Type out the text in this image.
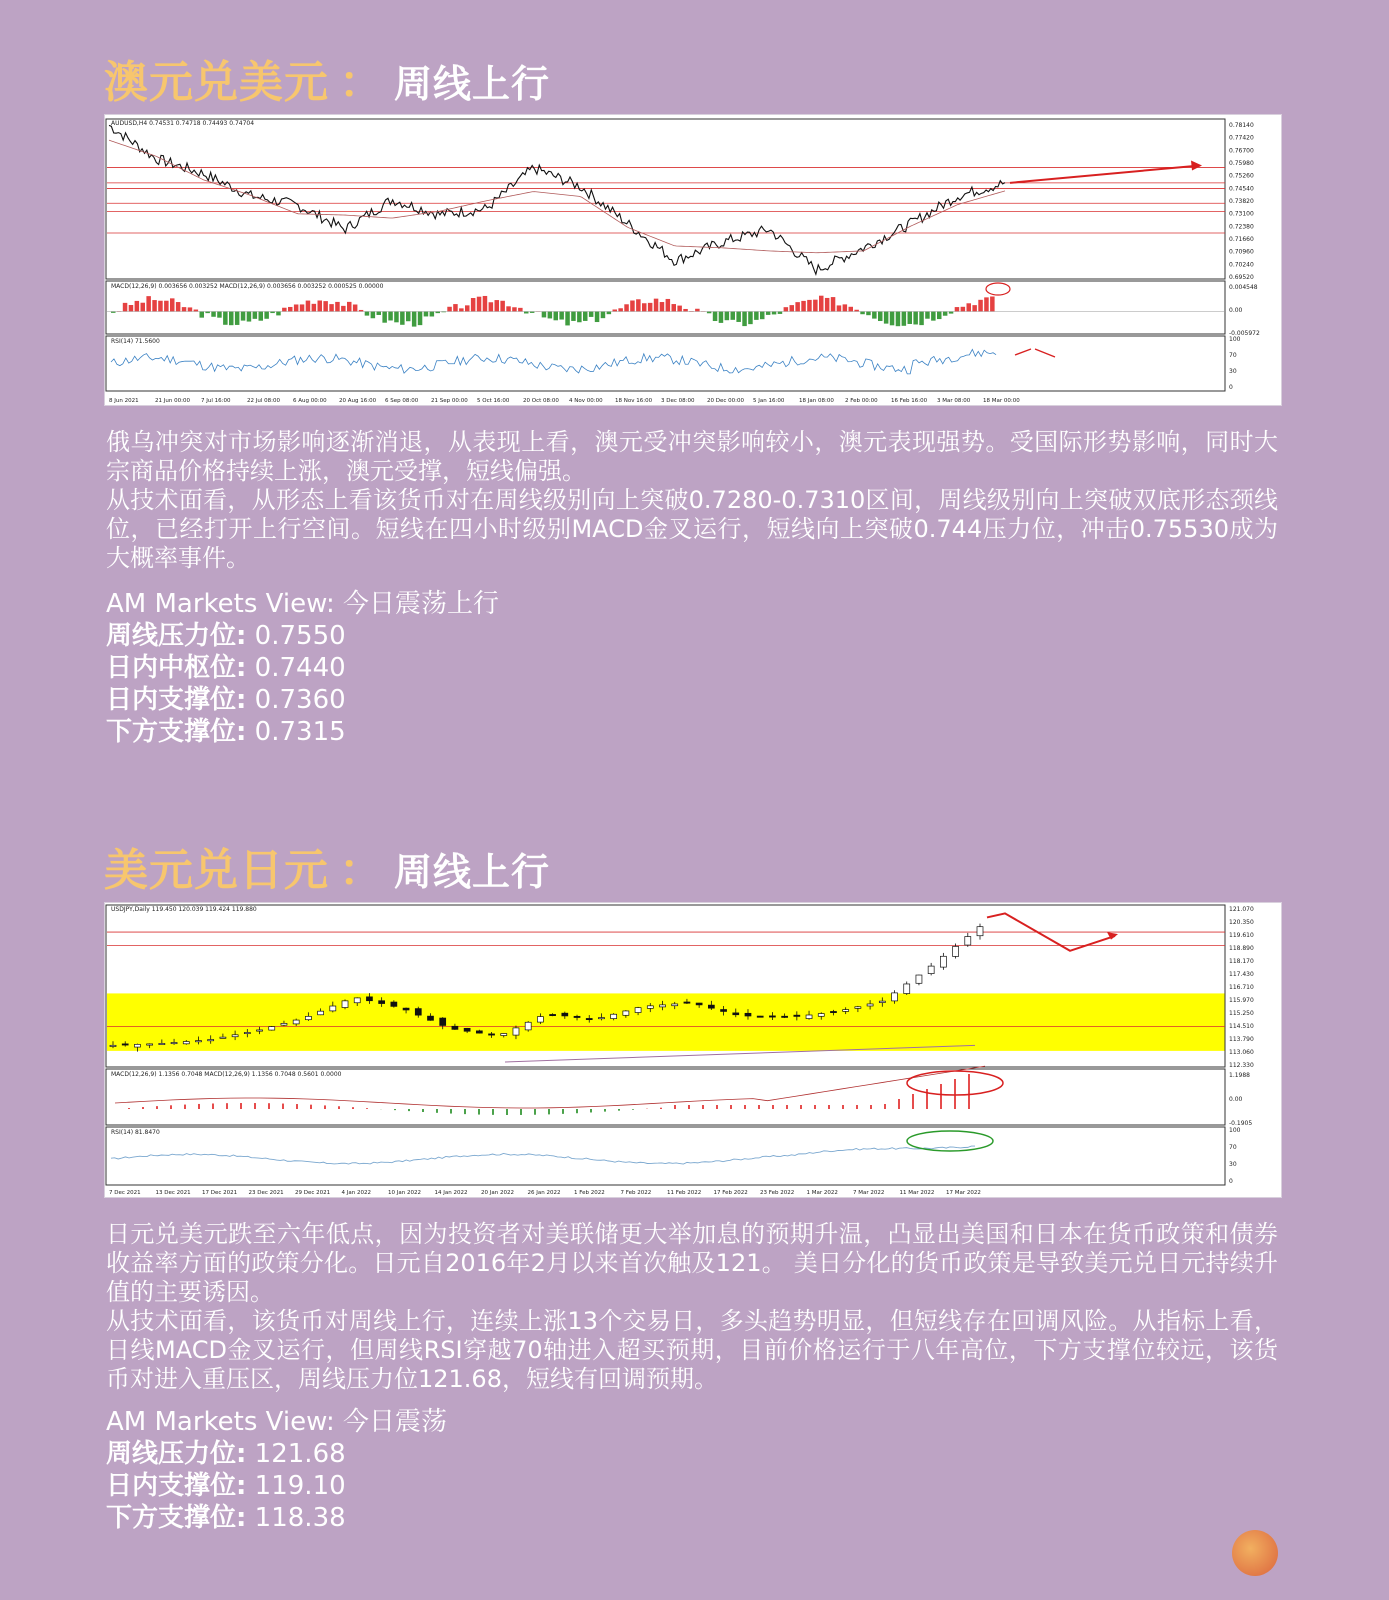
澳元兑美元 ： 周线上行
0.78140
0.77420
0.76700
0.75980
0.75260
0.74540
0.73820
0.73100
0.72380
0.71660
0.70960
0.70240
0.69520
AUDUSD,H4 0.74531 0.74718 0.74493 0.74704
MACD(12,26,9) 0.003656 0.003252 MACD(12,26,9) 0.003656 0.003252 0.000525 0.00000	0.004548
0.00
-0.005972
RSI(14) 71.5600	100
70
30
0
8 Jun 2021	21 Jun 00:00 7 Jul 16:00	22 Jul 08:00 6 Aug 00:00 20 Aug 16:00 6 Sep 08:00 21 Sep 00:00 5 Oct 16:00 20 Oct 08:00 4 Nov 00:00 18 Nov 16:00 3 Dec 08:00 20 Dec 00:00 5 Jan 16:00	18 Jan 08:00 2 Feb 00:00 16 Feb 16:00 3 Mar 08:00 18 Mar 00:00

俄乌冲突对市场影响逐渐消退，从表现上看，澳元受冲突影响较小，澳元表现强势。受国际形势影响，同时大宗商品价格持续上涨，澳元受撑，短线偏强。

从技术面看，从形态上看该货币对在周线级别向上突破0.7280-0.7310区间，周线级别向上突破双底形态颈线位，已经打开上行空间。短线在四小时级别MACD金叉运行，短线向上突破0.744压力位，冲击0.75530成为大概率事件。

AM Markets View: 今日震荡上行
周线压力位: 0.7550
日内中枢位: 0.7440
日内支撑位: 0.7360
下方支撑位: 0.7315
美元兑日元 ： 周线上行
121.070
120.350
119.610
118.890
118.170
117.430
116.710
115.970
115.250
114.510
113.790
113.060
112.330
USDJPY,Daily 119.450 120.039 119.424 119.880
MACD(12,26,9) 1.1356 0.7048 MACD(12,26,9) 1.1356 0.7048 0.5601 0.0000	1.1988
0.00
-0.1905
RSI(14) 81.8470	100
70
30
0
7 Dec 2021	13 Dec 2021 17 Dec 2021 23 Dec 2021 29 Dec 2021 4 Jan 2022	10 Jan 2022 14 Jan 2022 20 Jan 2022 26 Jan 2022 1 Feb 2022	7 Feb 2022	11 Feb 2022 17 Feb 2022 23 Feb 2022 1 Mar 2022	7 Mar 2022	11 Mar 2022 17 Mar 2022

日元兑美元跌至六年低点，因为投资者对美联储更大举加息的预期升温，凸显出美国和日本在货币政策和债券收益率方面的政策分化。日元自2016年2月以来首次触及121。 美日分化的货币政策是导致美元兑日元持续升值的主要诱因。

从技术面看，该货币对周线上行，连续上涨13个交易日，多头趋势明显，但短线存在回调风险。从指标上看，日线MACD金叉运行，但周线RSI穿越70轴进入超买预期，目前价格运行于八年高位，下方支撑位较远，该货币对进入重压区，周线压力位121.68，短线有回调预期。

AM Markets View: 今日震荡
周线压力位: 121.68
日内支撑位: 119.10
下方支撑位: 118.38
